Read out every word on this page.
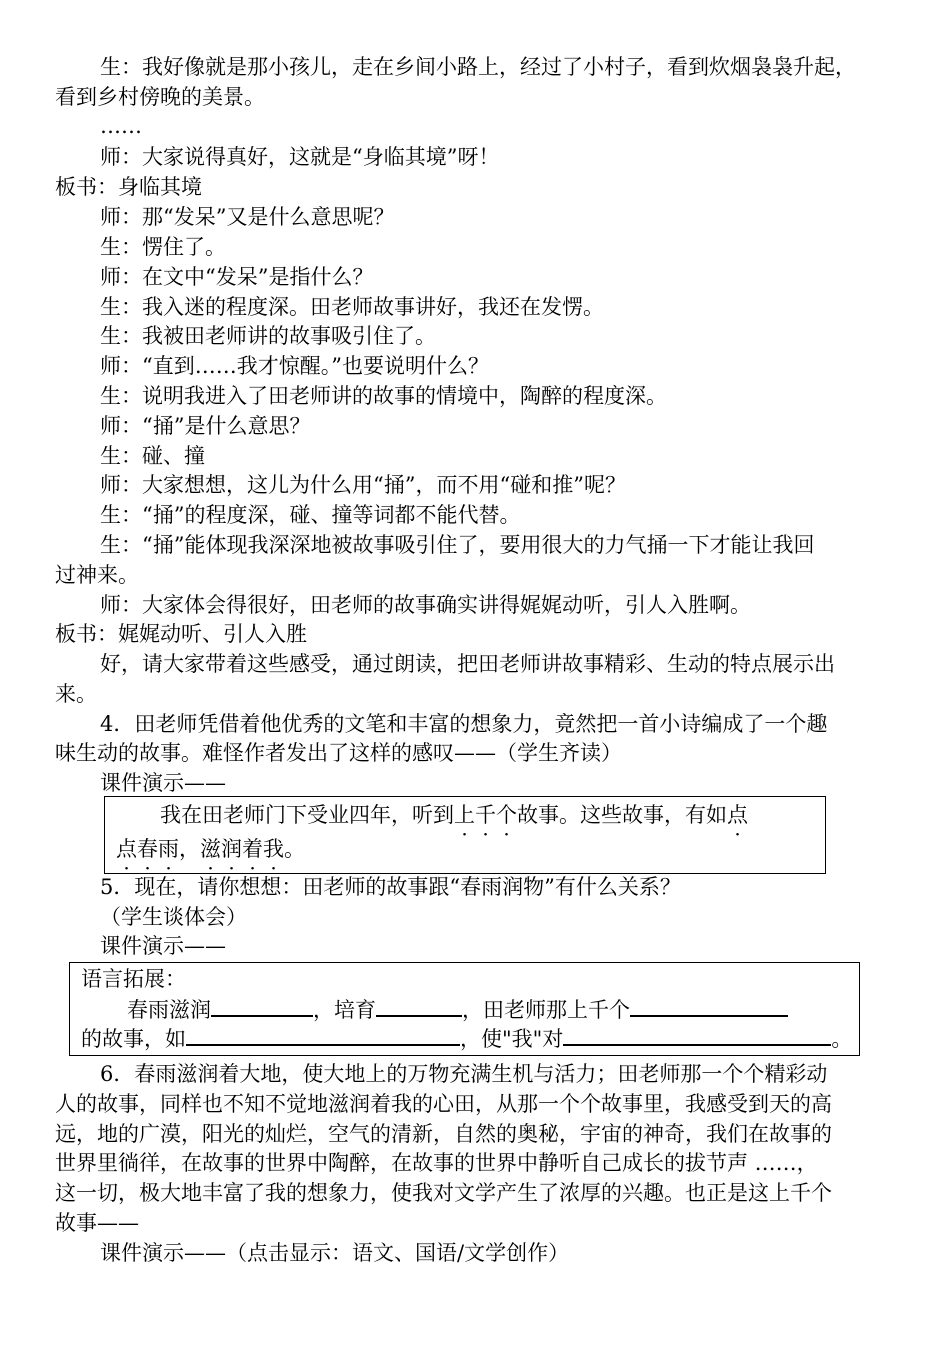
生：我好像就是那小孩儿，走在乡间小路上，经过了小村子，看到炊烟袅袅升起，
看到乡村傍晚的美景。
……
师：大家说得真好，这就是“身临其境”呀！
板书：身临其境
师：那“发呆”又是什么意思呢？
生：愣住了。
师：在文中“发呆”是指什么？
生：我入迷的程度深。田老师故事讲好，我还在发愣。
生：我被田老师讲的故事吸引住了。
师：“直到……我才惊醒。”也要说明什么？
生：说明我进入了田老师讲的故事的情境中，陶醉的程度深。
师：“捅”是什么意思？
生：碰、撞
师：大家想想，这儿为什么用“捅”，而不用“碰和推”呢？
生：“捅”的程度深，碰、撞等词都不能代替。
生：“捅”能体现我深深地被故事吸引住了，要用很大的力气捅一下才能让我回
过神来。
师：大家体会得很好，田老师的故事确实讲得娓娓动听，引人入胜啊。
板书：娓娓动听、引人入胜
好，请大家带着这些感受，通过朗读，把田老师讲故事精彩、生动的特点展示出
来。
4．田老师凭借着他优秀的文笔和丰富的想象力，竟然把一首小诗编成了一个趣
味生动的故事。难怪作者发出了这样的感叹——（学生齐读）
课件演示——
我在田老师门下受业四年，听到上千个故事。这些故事，有如点
点春雨，滋润着我。
5．现在，请你想想：田老师的故事跟“春雨润物”有什么关系？
（学生谈体会）
课件演示——
语言拓展：
春雨滋润	，培育	，田老师那上千个
的故事，如	，使"我"对	。
6．春雨滋润着大地，使大地上的万物充满生机与活力；田老师那一个个精彩动
人的故事，同样也不知不觉地滋润着我的心田，从那一个个故事里，我感受到天的高
远，地的广漠，阳光的灿烂，空气的清新，自然的奥秘，宇宙的神奇，我们在故事的
世界里徜徉，在故事的世界中陶醉，在故事的世界中静听自己成长的拔节声 ……，
这一切，极大地丰富了我的想象力，使我对文学产生了浓厚的兴趣。也正是这上千个
故事——
课件演示——（点击显示：语文、国语/文学创作）
